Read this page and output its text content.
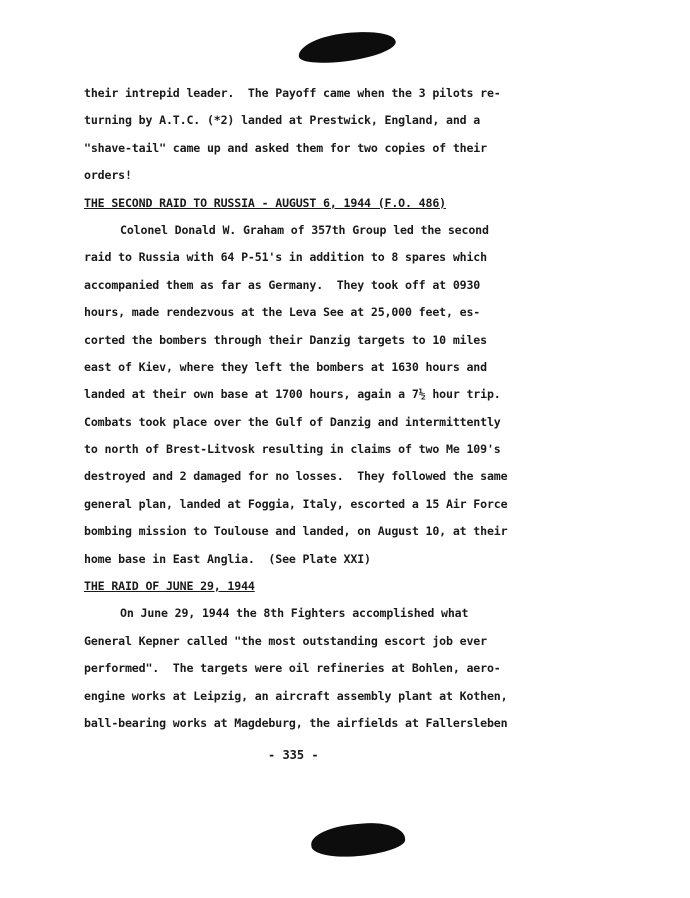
their intrepid leader.  The Payoff came when the 3 pilots re-
turning by A.T.C. (*2) landed at Prestwick, England, and a
"shave-tail" came up and asked them for two copies of their
orders!
THE SECOND RAID TO RUSSIA - AUGUST 6, 1944 (F.O. 486)
Colonel Donald W. Graham of 357th Group led the second
raid to Russia with 64 P-51's in addition to 8 spares which
accompanied them as far as Germany.  They took off at 0930
hours, made rendezvous at the Leva See at 25,000 feet, es-
corted the bombers through their Danzig targets to 10 miles
east of Kiev, where they left the bombers at 1630 hours and
landed at their own base at 1700 hours, again a 7½ hour trip.
Combats took place over the Gulf of Danzig and intermittently
to north of Brest-Litvosk resulting in claims of two Me 109's
destroyed and 2 damaged for no losses.  They followed the same
general plan, landed at Foggia, Italy, escorted a 15 Air Force
bombing mission to Toulouse and landed, on August 10, at their
home base in East Anglia.  (See Plate XXI)
THE RAID OF JUNE 29, 1944
On June 29, 1944 the 8th Fighters accomplished what
General Kepner called "the most outstanding escort job ever
performed".  The targets were oil refineries at Bohlen, aero-
engine works at Leipzig, an aircraft assembly plant at Kothen,
ball-bearing works at Magdeburg, the airfields at Fallersleben
- 335 -
